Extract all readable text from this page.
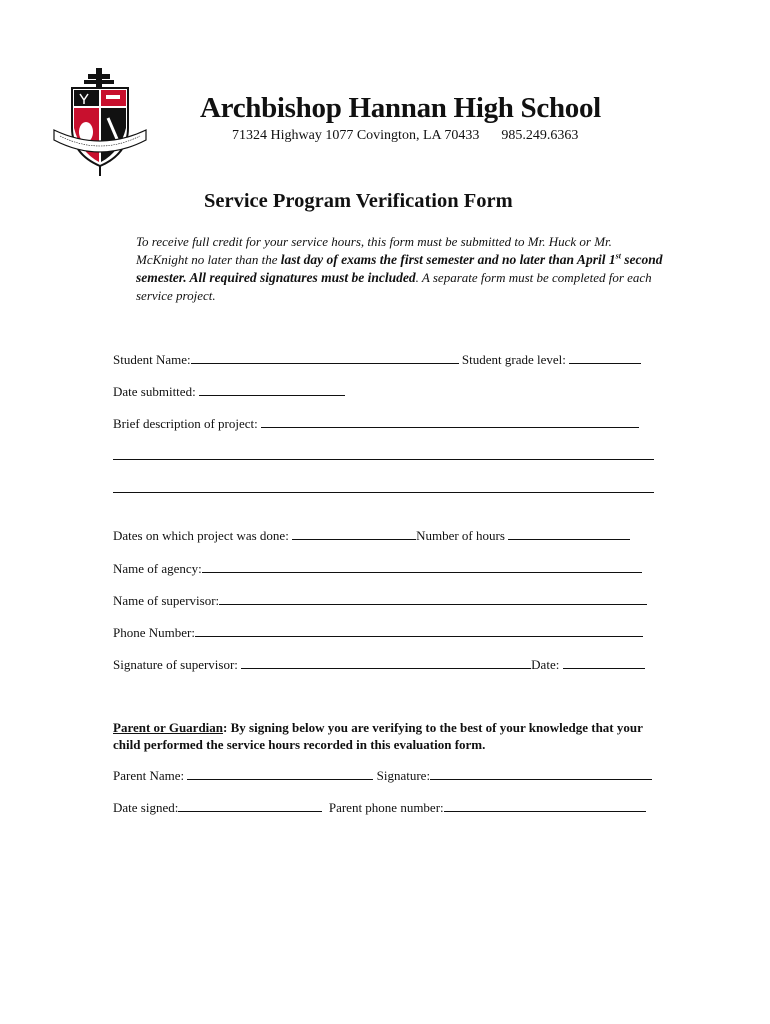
Archbishop Hannan High School
71324 Highway 1077 Covington, LA 70433 985.249.6363
Service Program Verification Form
To receive full credit for your service hours, this form must be submitted to Mr. Huck or Mr. McKnight no later than the last day of exams the first semester and no later than April 1st second semester. All required signatures must be included. A separate form must be completed for each service project.
Student Name:	Student grade level:
Date submitted:
Brief description of project:
Dates on which project was done:	Number of hours
Name of agency:
Name of supervisor:
Phone Number:
Signature of supervisor:	Date:
Parent or Guardian: By signing below you are verifying to the best of your knowledge that your child performed the service hours recorded in this evaluation form.
Parent Name:	Signature:
Date signed:	Parent phone number:
